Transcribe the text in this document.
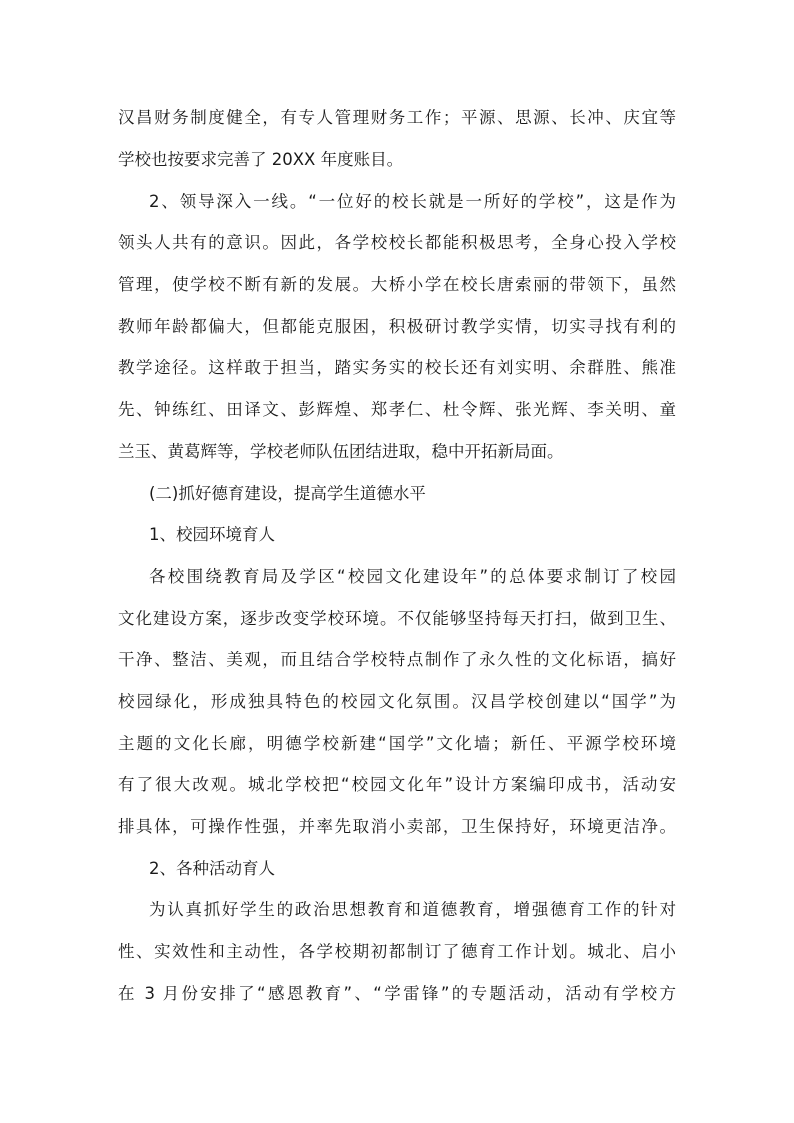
汉昌财务制度健全，有专人管理财务工作；平源、思源、长冲、庆宜等
学校也按要求完善了 20XX 年度账目。
2、领导深入一线。“一位好的校长就是一所好的学校”，这是作为
领头人共有的意识。因此，各学校校长都能积极思考，全身心投入学校
管理，使学校不断有新的发展。大桥小学在校长唐索丽的带领下，虽然
教师年龄都偏大，但都能克服困，积极研讨教学实情，切实寻找有利的
教学途径。这样敢于担当，踏实务实的校长还有刘实明、余群胜、熊准
先、钟练红、田译文、彭辉煌、郑孝仁、杜令辉、张光辉、李关明、童
兰玉、黄葛辉等，学校老师队伍团结进取，稳中开拓新局面。
(二)抓好德育建设，提高学生道德水平
1、校园环境育人
各校围绕教育局及学区“校园文化建设年”的总体要求制订了校园
文化建设方案，逐步改变学校环境。不仅能够坚持每天打扫，做到卫生、
干净、整洁、美观，而且结合学校特点制作了永久性的文化标语，搞好
校园绿化，形成独具特色的校园文化氛围。汉昌学校创建以“国学”为
主题的文化长廊，明德学校新建“国学”文化墙；新任、平源学校环境
有了很大改观。城北学校把“校园文化年”设计方案编印成书，活动安
排具体，可操作性强，并率先取消小卖部，卫生保持好，环境更洁净。
2、各种活动育人
为认真抓好学生的政治思想教育和道德教育，增强德育工作的针对
性、实效性和主动性，各学校期初都制订了德育工作计划。城北、启小
在 3 月份安排了“感恩教育”、“学雷锋”的专题活动，活动有学校方
